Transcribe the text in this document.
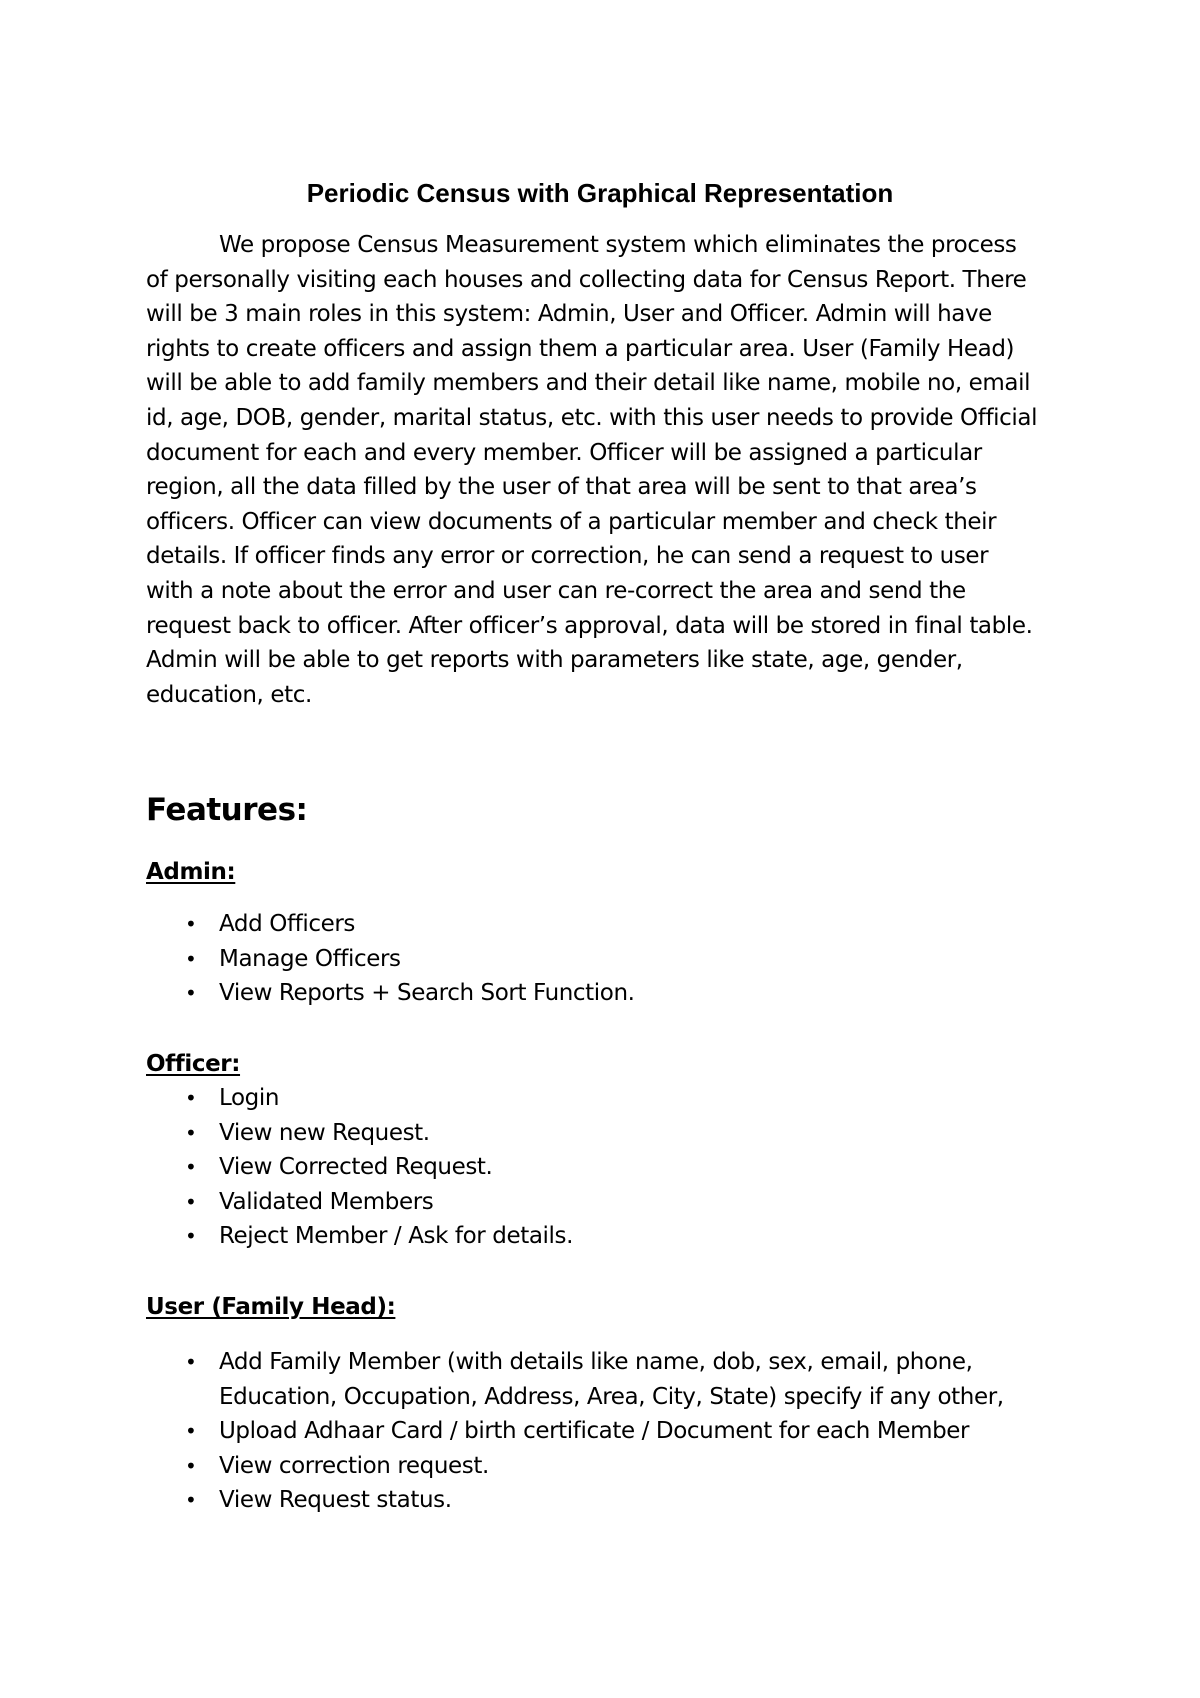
Periodic Census with Graphical Representation
We propose Census Measurement system which eliminates the process
of personally visiting each houses and collecting data for Census Report. There
will be 3 main roles in this system: Admin, User and Officer. Admin will have
rights to create officers and assign them a particular area. User (Family Head)
will be able to add family members and their detail like name, mobile no, email
id, age, DOB, gender, marital status, etc. with this user needs to provide Official
document for each and every member. Officer will be assigned a particular
region, all the data filled by the user of that area will be sent to that area’s
officers. Officer can view documents of a particular member and check their
details. If officer finds any error or correction, he can send a request to user
with a note about the error and user can re-correct the area and send the
request back to officer. After officer’s approval, data will be stored in final table.
Admin will be able to get reports with parameters like state, age, gender,
education, etc.
Features:
Admin:
• Add Officers
• Manage Officers
• View Reports + Search Sort Function.
Officer:
• Login
• View new Request.
• View Corrected Request.
• Validated Members
• Reject Member / Ask for details.
User (Family Head):
• Add Family Member (with details like name, dob, sex, email, phone,
Education, Occupation, Address, Area, City, State) specify if any other,
• Upload Adhaar Card / birth certificate / Document for each Member
• View correction request.
• View Request status.
